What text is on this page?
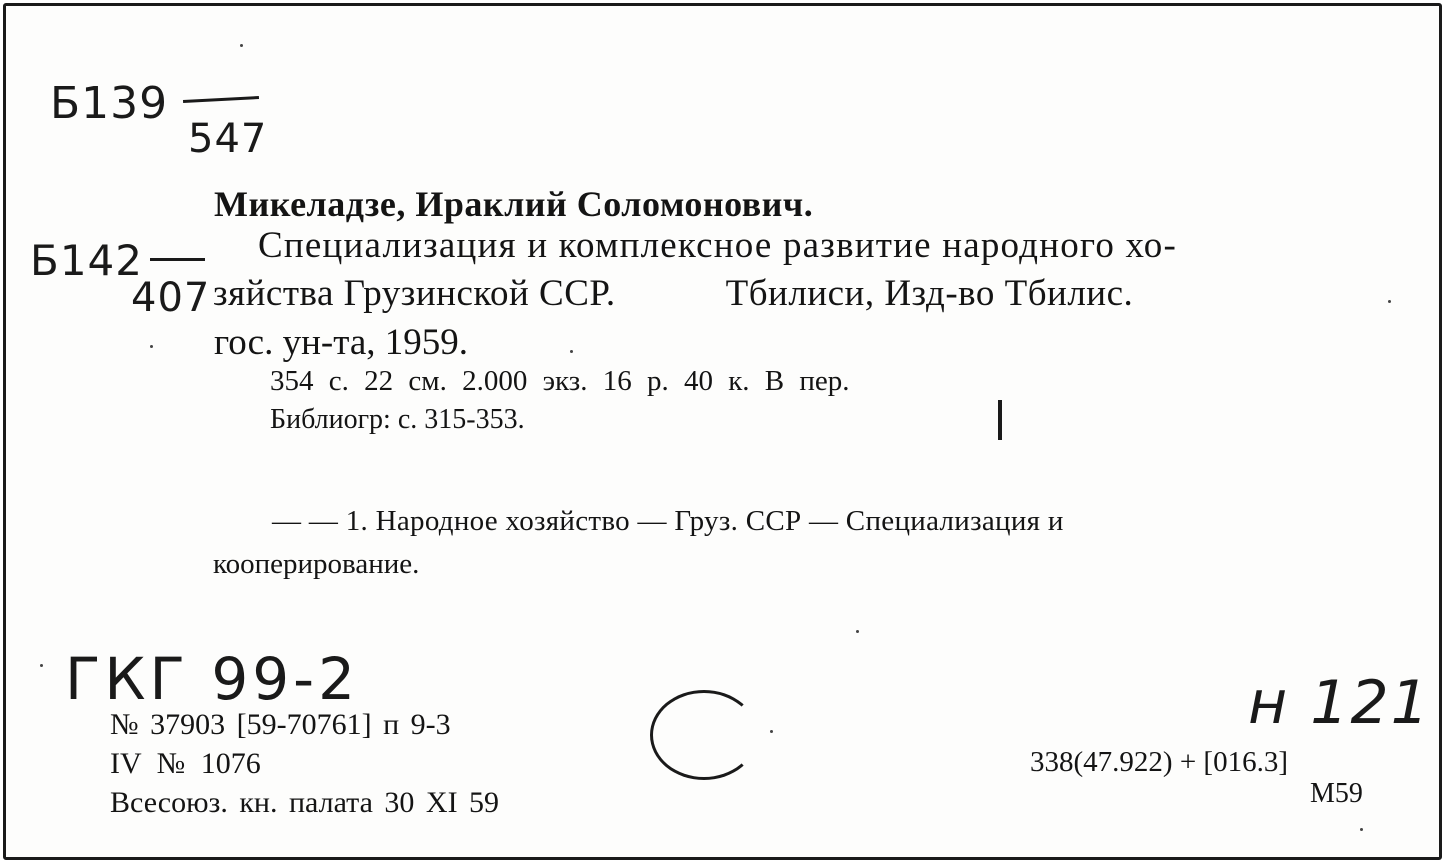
Б139
547
Б142
407
Микеладзе, Ираклий Соломонович.
Специализация и комплексное развитие народного хо-
зяйства Грузинской ССР.	Тбилиси, Изд-во Тбилис.
гос. ун-та, 1959.
354 с. 22 см. 2.000 экз. 16 р. 40 к. В пер.
Библиогр: с. 315-353.
— — 1. Народное хозяйство — Груз. ССР — Специализация и
кооперирование.
ГКГ 99-2
№ 37903 [59-70761] п 9-3
IV № 1076
Всесоюз. кн. палата 30 XI 59
н 121
338(47.922) + [016.3]
М59
